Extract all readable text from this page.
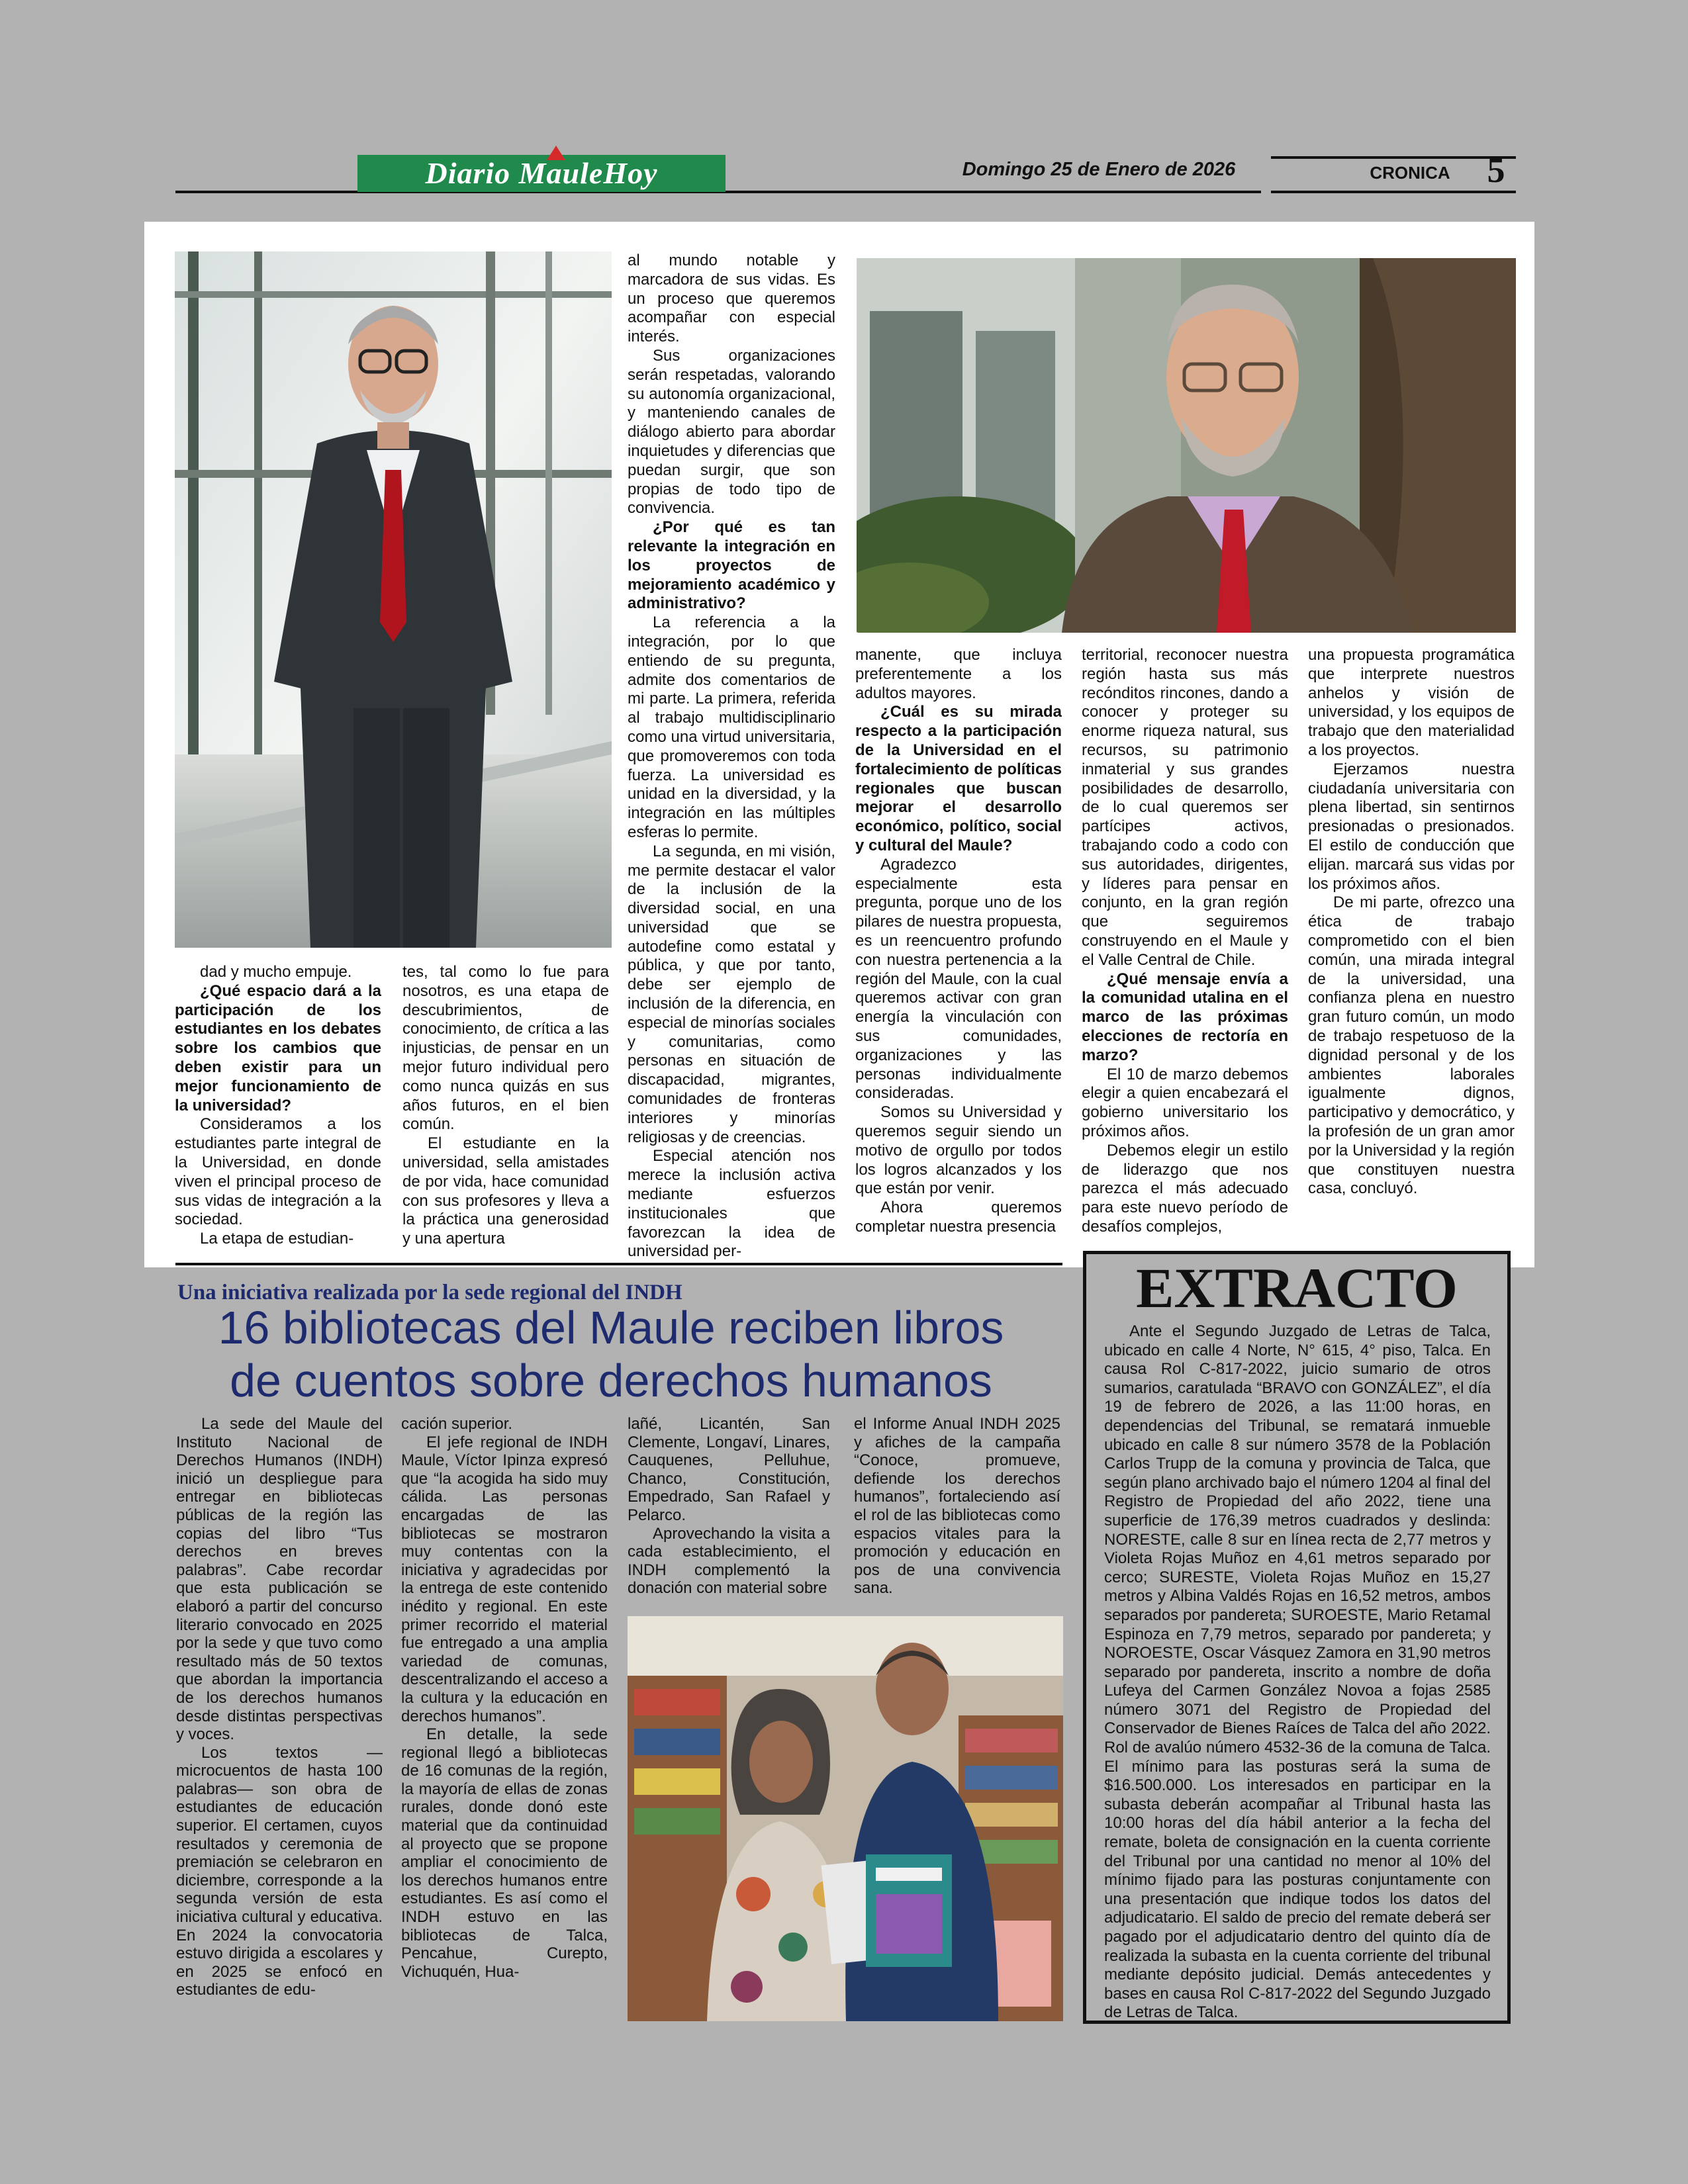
Diario MauleHoy	Domingo 25 de Enero de 2026	CRONICA	5

dad y mucho empuje.

¿Qué espacio dará a la participación de los estudiantes en los debates sobre los cambios que deben existir para un mejor funcionamiento de la universidad?

Consideramos a los estudiantes parte integral de la Universidad, en donde viven el principal proceso de sus vidas de integración a la sociedad.

La etapa de estudian-

tes, tal como lo fue para nosotros, es una etapa de descubrimientos, de conocimiento, de crítica a las injusticias, de pensar en un mejor futuro individual pero como nunca quizás en sus años futuros, en el bien común.

El estudiante en la universidad, sella amistades de por vida, hace comunidad con sus profesores y lleva a la práctica una generosidad y una apertura

al mundo notable y marcadora de sus vidas. Es un proceso que queremos acompañar con especial interés.

Sus organizaciones serán respetadas, valorando su autonomía organizacional, y manteniendo canales de diálogo abierto para abordar inquietudes y diferencias que puedan surgir, que son propias de todo tipo de convivencia.

¿Por qué es tan relevante la integración en los proyectos de mejoramiento académico y administrativo?

La referencia a la integración, por lo que entiendo de su pregunta, admite dos comentarios de mi parte. La primera, referida al trabajo multidisciplinario como una virtud universitaria, que promoveremos con toda fuerza. La universidad es unidad en la diversidad, y la integración en las múltiples esferas lo permite.

La segunda, en mi visión, me permite destacar el valor de la inclusión de la diversidad social, en una universidad que se autodefine como estatal y pública, y que por tanto, debe ser ejemplo de inclusión de la diferencia, en especial de minorías sociales y comunitarias, como personas en situación de discapacidad, migrantes, comunidades de fronteras interiores y minorías religiosas y de creencias.

Especial atención nos merece la inclusión activa mediante esfuerzos institucionales que favorezcan la idea de universidad per-

manente, que incluya preferentemente a los adultos mayores.

¿Cuál es su mirada respecto a la participación de la Universidad en el fortalecimiento de políticas regionales que buscan mejorar el desarrollo económico, político, social y cultural del Maule?

Agradezco especialmente esta pregunta, porque uno de los pilares de nuestra propuesta, es un reencuentro profundo con nuestra pertenencia a la región del Maule, con la cual queremos activar con gran energía la vinculación con sus comunidades, organizaciones y las personas individualmente consideradas.

Somos su Universidad y queremos seguir siendo un motivo de orgullo por todos los logros alcanzados y los que están por venir.

Ahora queremos completar nuestra presencia

territorial, reconocer nuestra región hasta sus más recónditos rincones, dando a conocer y proteger su enorme riqueza natural, sus recursos, su patrimonio inmaterial y sus grandes posibilidades de desarrollo, de lo cual queremos ser partícipes activos, trabajando codo a codo con sus autoridades, dirigentes, y líderes para pensar en conjunto, en la gran región que seguiremos construyendo en el Maule y el Valle Central de Chile.

¿Qué mensaje envía a la comunidad utalina en el marco de las próximas elecciones de rectoría en marzo?

El 10 de marzo debemos elegir a quien encabezará el gobierno universitario los próximos años.

Debemos elegir un estilo de liderazgo que nos parezca el más adecuado para este nuevo período de desafíos complejos,

una propuesta programática que interprete nuestros anhelos y visión de universidad, y los equipos de trabajo que den materialidad a los proyectos.

Ejerzamos nuestra ciudadanía universitaria con plena libertad, sin sentirnos presionadas o presionados. El estilo de conducción que elijan. marcará sus vidas por los próximos años.

De mi parte, ofrezco una ética de trabajo comprometido con el bien común, una mirada integral de la universidad, una confianza plena en nuestro gran futuro común, un modo de trabajo respetuoso de la dignidad personal y de los ambientes laborales igualmente dignos, participativo y democrático, y la profesión de un gran amor por la Universidad y la región que constituyen nuestra casa, concluyó.

Una iniciativa realizada por la sede regional del INDH
16 bibliotecas del Maule reciben libros
de cuentos sobre derechos humanos

La sede del Maule del Instituto Nacional de Derechos Humanos (INDH) inició un despliegue para entregar en bibliotecas públicas de la región las copias del libro “Tus derechos en breves palabras”. Cabe recordar que esta publicación se elaboró a partir del concurso literario convocado en 2025 por la sede y que tuvo como resultado más de 50 textos que abordan la importancia de los derechos humanos desde distintas perspectivas y voces.

Los textos —microcuentos de hasta 100 palabras— son obra de estudiantes de educación superior. El certamen, cuyos resultados y ceremonia de premiación se celebraron en diciembre, corresponde a la segunda versión de esta iniciativa cultural y educativa. En 2024 la convocatoria estuvo dirigida a escolares y en 2025 se enfocó en estudiantes de edu-

cación superior.

El jefe regional de INDH Maule, Víctor Ipinza expresó que “la acogida ha sido muy cálida. Las personas encargadas de las bibliotecas se mostraron muy contentas con la iniciativa y agradecidas por la entrega de este contenido inédito y regional. En este primer recorrido el material fue entregado a una amplia variedad de comunas, descentralizando el acceso a la cultura y la educación en derechos humanos”.

En detalle, la sede regional llegó a bibliotecas de 16 comunas de la región, la mayoría de ellas de zonas rurales, donde donó este material que da continuidad al proyecto que se propone ampliar el conocimiento de los derechos humanos entre estudiantes. Es así como el INDH estuvo en las bibliotecas de Talca, Pencahue, Curepto, Vichuquén, Hua-

lañé, Licantén, San Clemente, Longaví, Linares, Cauquenes, Pelluhue, Chanco, Constitución, Empedrado, San Rafael y Pelarco.

Aprovechando la visita a cada establecimiento, el INDH complementó la donación con material sobre

el Informe Anual INDH 2025 y afiches de la campaña “Conoce, promueve, defiende los derechos humanos”, fortaleciendo así el rol de las bibliotecas como espacios vitales para la promoción y educación en pos de una convivencia sana.

EXTRACTO

Ante el Segundo Juzgado de Letras de Talca, ubicado en calle 4 Norte, N° 615, 4° piso, Talca. En causa Rol C-817-2022, juicio sumario de otros sumarios, caratulada “BRAVO con GONZÁLEZ”, el día 19 de febrero de 2026, a las 11:00 horas, en dependencias del Tribunal, se rematará inmueble ubicado en calle 8 sur número 3578 de la Población Carlos Trupp de la comuna y provincia de Talca, que según plano archivado bajo el número 1204 al final del Registro de Propiedad del año 2022, tiene una superficie de 176,39 metros cuadrados y deslinda: NORESTE, calle 8 sur en línea recta de 2,77 metros y Violeta Rojas Muñoz en 4,61 metros separado por cerco; SURESTE, Violeta Rojas Muñoz en 15,27 metros y Albina Valdés Rojas en 16,52 metros, ambos separados por pandereta; SUROESTE, Mario Retamal Espinoza en 7,79 metros, separado por pandereta; y NOROESTE, Oscar Vásquez Zamora en 31,90 metros separado por pandereta, inscrito a nombre de doña Lufeya del Carmen González Novoa a fojas 2585 número 3071 del Registro de Propiedad del Conservador de Bienes Raíces de Talca del año 2022. Rol de avalúo número 4532-36 de la comuna de Talca. El mínimo para las posturas será la suma de $16.500.000. Los interesados en participar en la subasta deberán acompañar al Tribunal hasta las 10:00 horas del día hábil anterior a la fecha del remate, boleta de consignación en la cuenta corriente del Tribunal por una cantidad no menor al 10% del mínimo fijado para las posturas conjuntamente con una presentación que indique todos los datos del adjudicatario. El saldo de precio del remate deberá ser pagado por el adjudicatario dentro del quinto día de realizada la subasta en la cuenta corriente del tribunal mediante depósito judicial. Demás antecedentes y bases en causa Rol C-817-2022 del Segundo Juzgado de Letras de Talca.
